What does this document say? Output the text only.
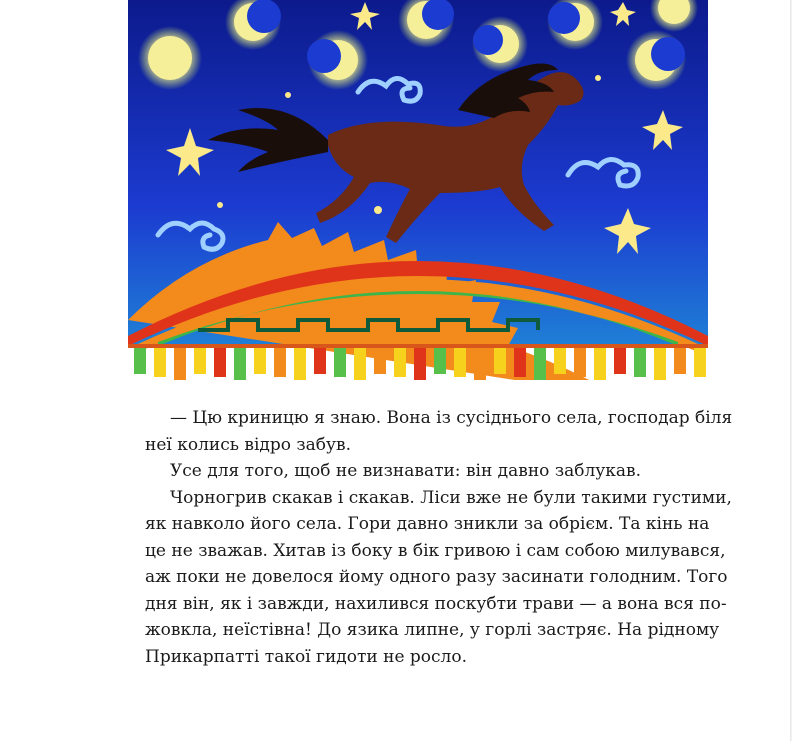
— Цю криницю я знаю. Вона із сусіднього села, господар біля
неї колись відро забув.

Усе для того, щоб не визнавати: він давно заблукав.

Чорногрив скакав і скакав. Ліси вже не були такими густими,
як навколо його села. Гори давно зникли за обрієм. Та кінь на
це не зважав. Хитав із боку в бік гривою і сам собою милувався,
аж поки не довелося йому одного разу засинати голодним. Того
дня він, як і завжди, нахилився поскубти трави — а вона вся по-
жовкла, неїстівна! До язика липне, у горлі застряє. На рідному
Прикарпатті такої гидоти не росло.
